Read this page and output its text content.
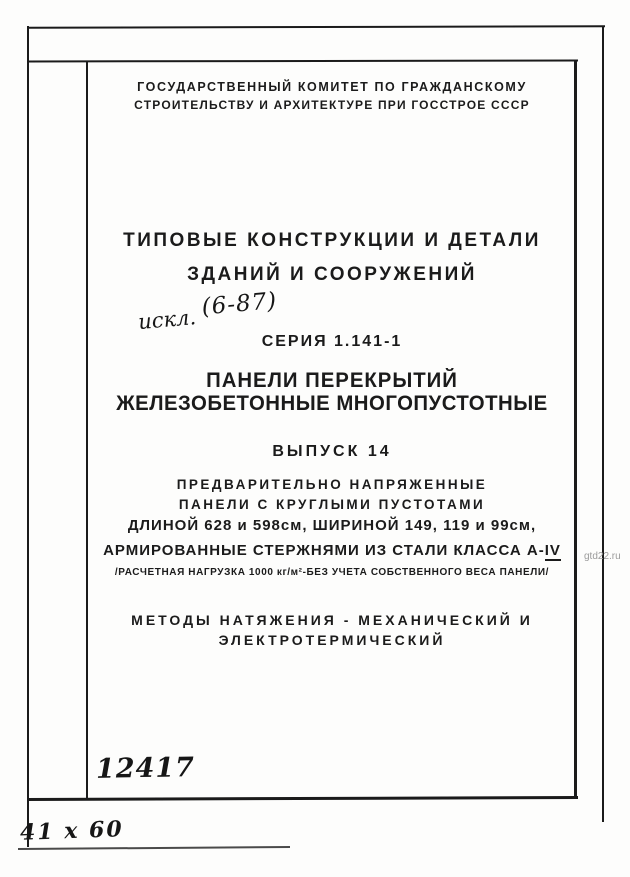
ГОСУДАРСТВЕННЫЙ КОМИТЕТ ПО ГРАЖДАНСКОМУ
СТРОИТЕЛЬСТВУ И АРХИТЕКТУРЕ ПРИ ГОССТРОЕ СССР
ТИПОВЫЕ КОНСТРУКЦИИ И ДЕТАЛИ
ЗДАНИЙ И СООРУЖЕНИЙ
СЕРИЯ 1.141-1
ПАНЕЛИ ПЕРЕКРЫТИЙ
ЖЕЛЕЗОБЕТОННЫЕ МНОГОПУСТОТНЫЕ
ВЫПУСК 14
ПРЕДВАРИТЕЛЬНО НАПРЯЖЕННЫЕ
ПАНЕЛИ С КРУГЛЫМИ ПУСТОТАМИ
ДЛИНОЙ 628 и 598см, ШИРИНОЙ 149, 119 и 99см,
АРМИРОВАННЫЕ СТЕРЖНЯМИ ИЗ СТАЛИ КЛАССА А-IV
/РАСЧЕТНАЯ НАГРУЗКА 1000 кг/м²-БЕЗ УЧЕТА СОБСТВЕННОГО ВЕСА ПАНЕЛИ/
МЕТОДЫ НАТЯЖЕНИЯ - МЕХАНИЧЕСКИЙ И
ЭЛЕКТРОТЕРМИЧЕСКИЙ
искл. (6-87)
12417
41 х 60
gtd22.ru
